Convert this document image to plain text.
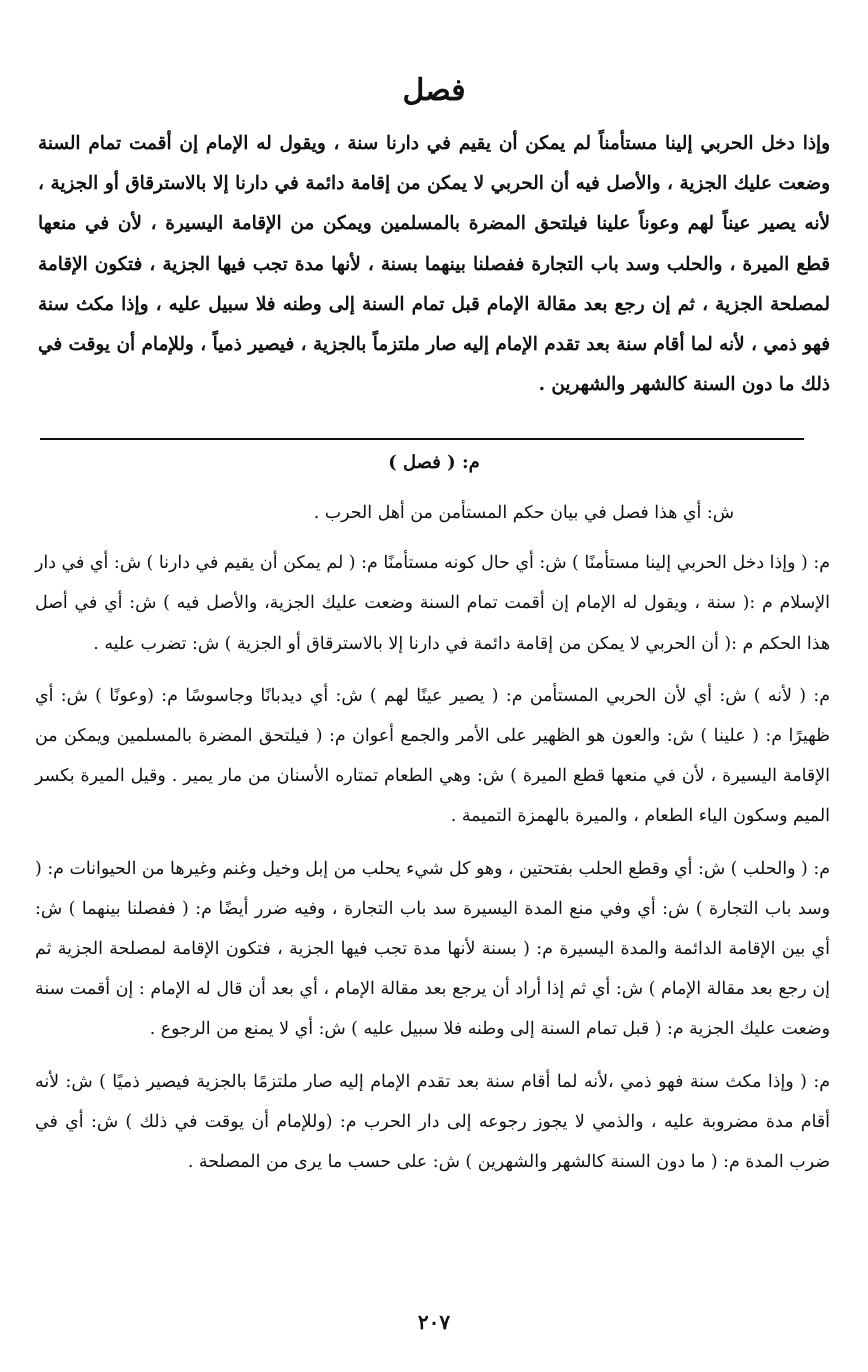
فصل
وإذا دخل الحربي إلينا مستأمناً لم يمكن أن يقيم في دارنا سنة ، ويقول له الإمام إن أقمت تمام السنة وضعت عليك الجزية ، والأصل فيه أن الحربي لا يمكن من إقامة دائمة في دارنا إلا بالاسترقاق أو الجزية ، لأنه يصير عيناً لهم وعوناً علينا فيلتحق المضرة بالمسلمين ويمكن من الإقامة اليسيرة ، لأن في منعها قطع الميرة ، والحلب وسد باب التجارة ففصلنا بينهما بسنة ، لأنها مدة تجب فيها الجزية ، فتكون الإقامة لمصلحة الجزية ، ثم إن رجع بعد مقالة الإمام قبل تمام السنة إلى وطنه فلا سبيل عليه ، وإذا مكث سنة فهو ذمي ، لأنه لما أقام سنة بعد تقدم الإمام إليه صار ملتزماً بالجزية ، فيصير ذمياً ، وللإمام أن يوقت في ذلك ما دون السنة كالشهر والشهرين .
م: ( فصل )

ش: أي هذا فصل في بيان حكم المستأمن من أهل الحرب .

م: ( وإذا دخل الحربي إلينا مستأمنًا ) ش: أي حال كونه مستأمنًا م: ( لم يمكن أن يقيم في دارنا ) ش: أي في دار الإسلام م :( سنة ، ويقول له الإمام إن أقمت تمام السنة وضعت عليك الجزية، والأصل فيه ) ش: أي في أصل هذا الحكم م :( أن الحربي لا يمكن من إقامة دائمة في دارنا إلا بالاسترقاق أو الجزية ) ش: تضرب عليه .

م: ( لأنه ) ش: أي لأن الحربي المستأمن م: ( يصير عينًا لهم ) ش: أي ديدبانًا وجاسوسًا م: (وعونًا ) ش: أي ظهيرًا م: ( علينا ) ش: والعون هو الظهير على الأمر والجمع أعوان م: ( فيلتحق المضرة بالمسلمين ويمكن من الإقامة اليسيرة ، لأن في منعها قطع الميرة ) ش: وهي الطعام تمتاره الأسنان من مار يمير . وقيل الميرة بكسر الميم وسكون الياء الطعام ، والميرة بالهمزة التميمة .

م: ( والحلب ) ش: أي وقطع الحلب بفتحتين ، وهو كل شيء يحلب من إبل وخيل وغنم وغيرها من الحيوانات م: ( وسد باب التجارة ) ش: أي وفي منع المدة اليسيرة سد باب التجارة ، وفيه ضرر أيضًا م: ( ففصلنا بينهما ) ش: أي بين الإقامة الدائمة والمدة اليسيرة م: ( بسنة لأنها مدة تجب فيها الجزية ، فتكون الإقامة لمصلحة الجزية ثم إن رجع بعد مقالة الإمام ) ش: أي ثم إذا أراد أن يرجع بعد مقالة الإمام ، أي بعد أن قال له الإمام : إن أقمت سنة وضعت عليك الجزية م: ( قبل تمام السنة إلى وطنه فلا سبيل عليه ) ش: أي لا يمنع من الرجوع .

م: ( وإذا مكث سنة فهو ذمي ،لأنه لما أقام سنة بعد تقدم الإمام إليه صار ملتزمًا بالجزية فيصير ذميًا ) ش: لأنه أقام مدة مضروبة عليه ، والذمي لا يجوز رجوعه إلى دار الحرب م: (وللإمام أن يوقت في ذلك ) ش: أي في ضرب المدة م: ( ما دون السنة كالشهر والشهرين ) ش: على حسب ما يرى من المصلحة .

٢٠٧
